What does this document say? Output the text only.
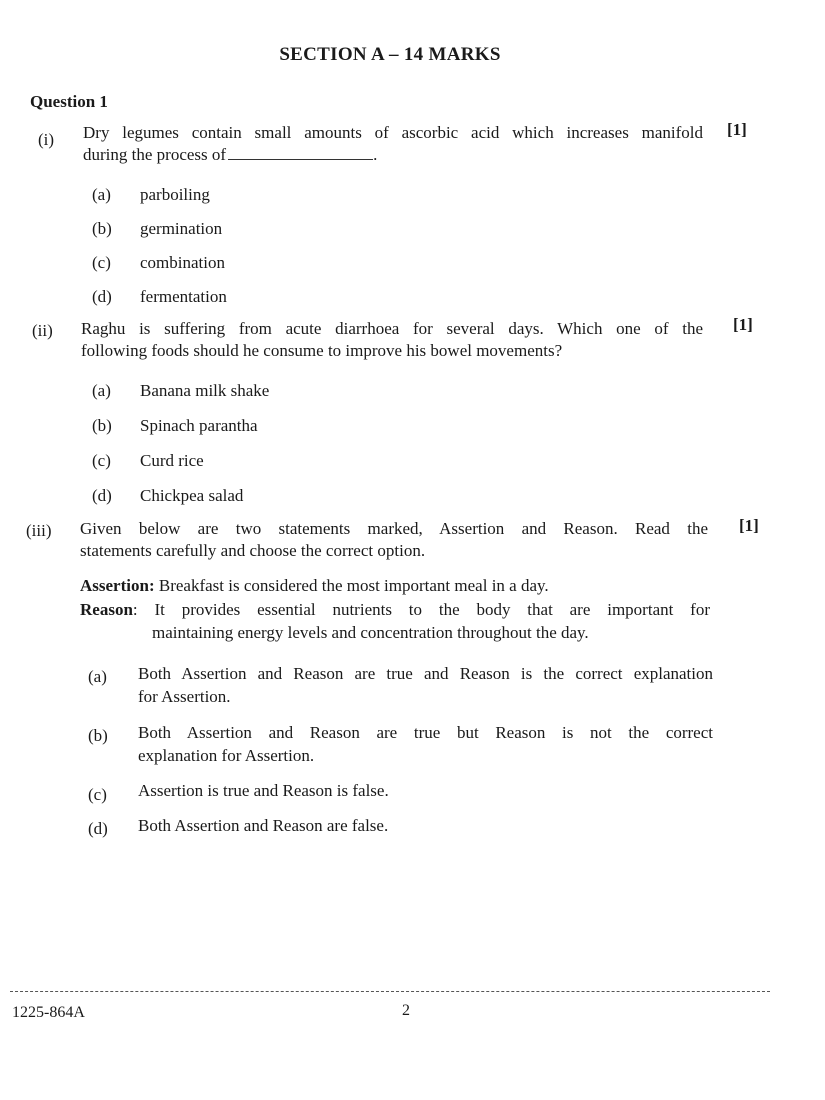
SECTION A – 14 MARKS
Question 1
(i)
[1]
Dry legumes contain small amounts of ascorbic acid which increases manifold
during the process of	.
(a) parboiling
(b) germination
(c) combination
(d) fermentation
(ii)	[1]
Raghu is suffering from acute diarrhoea for several days. Which one of the
following foods should he consume to improve his bowel movements?
(a) Banana milk shake
(b) Spinach parantha
(c) Curd rice
(d) Chickpea salad
(iii)	[1]
Given below are two statements marked, Assertion and Reason. Read the
statements carefully and choose the correct option.
Assertion: Breakfast is considered the most important meal in a day.
Reason: It provides essential nutrients to the body that are important for
maintaining energy levels and concentration throughout the day.
(a) Both Assertion and Reason are true and Reason is the correct explanation
for Assertion.
(b) Both Assertion and Reason are true but Reason is not the correct
explanation for Assertion.
(c) Assertion is true and Reason is false.
(d) Both Assertion and Reason are false.
1225-864A	2
